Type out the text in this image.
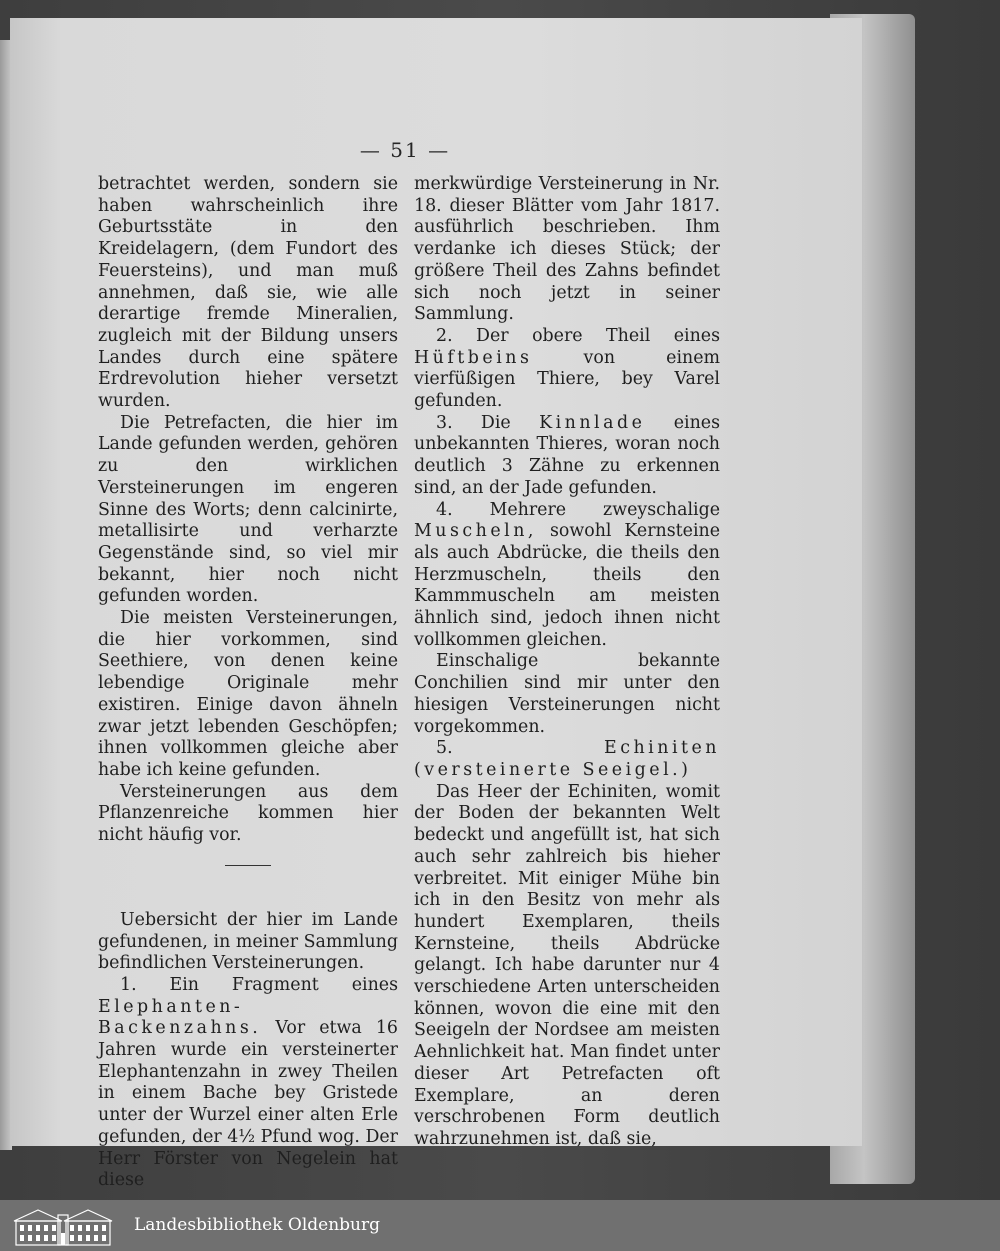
— 51 —

betrachtet werden, sondern sie haben wahrscheinlich ihre Geburtsstäte in den Kreidelagern, (dem Fundort des Feuersteins), und man muß annehmen, daß sie, wie alle derartige fremde Mineralien, zugleich mit der Bildung unsers Landes durch eine spätere Erdrevolution hieher versetzt wurden.

Die Petrefacten, die hier im Lande gefunden werden, gehören zu den wirklichen Versteinerungen im engeren Sinne des Worts; denn calcinirte, metallisirte und verharzte Gegenstände sind, so viel mir bekannt, hier noch nicht gefunden worden.

Die meisten Versteinerungen, die hier vorkommen, sind Seethiere, von denen keine lebendige Originale mehr existiren. Einige davon ähneln zwar jetzt lebenden Geschöpfen; ihnen vollkommen gleiche aber habe ich keine gefunden.

Versteinerungen aus dem Pflanzenreiche kommen hier nicht häufig vor.

Uebersicht der hier im Lande gefundenen, in meiner Sammlung befindlichen Versteinerungen.

1. Ein Fragment eines Elephanten-Backenzahns. Vor etwa 16 Jahren wurde ein versteinerter Elephantenzahn in zwey Theilen in einem Bache bey Gristede unter der Wurzel einer alten Erle gefunden, der 4½ Pfund wog. Der Herr Förster von Negelein hat diese

merkwürdige Versteinerung in Nr. 18. dieser Blätter vom Jahr 1817. ausführlich beschrieben. Ihm verdanke ich dieses Stück; der größere Theil des Zahns befindet sich noch jetzt in seiner Sammlung.

2. Der obere Theil eines Hüftbeins	von einem vierfüßigen Thiere, bey Varel gefunden.

3. Die Kinnlade eines unbekannten Thieres, woran noch deutlich 3 Zähne zu erkennen sind, an der Jade gefunden.

4. Mehrere zweyschalige Muscheln, sowohl Kernsteine als auch Abdrücke, die theils den Herzmuscheln, theils den Kammmuscheln am meisten ähnlich sind, jedoch ihnen nicht vollkommen gleichen.

Einschalige bekannte Conchilien sind mir unter den hiesigen Versteinerungen nicht vorgekommen.

5.	Echiniten (versteinerte Seeigel.)

Das Heer der Echiniten, womit der Boden der bekannten Welt bedeckt und angefüllt ist, hat sich auch sehr zahlreich bis hieher verbreitet. Mit einiger Mühe bin ich in den Besitz von mehr als hundert Exemplaren, theils Kernsteine, theils Abdrücke gelangt. Ich habe darunter nur 4 verschiedene Arten unterscheiden können, wovon die eine mit den Seeigeln der Nordsee am meisten Aehnlichkeit hat. Man findet unter dieser Art Petrefacten oft Exemplare, an deren verschrobenen Form deutlich wahrzunehmen ist, daß sie,

Landesbibliothek Oldenburg
